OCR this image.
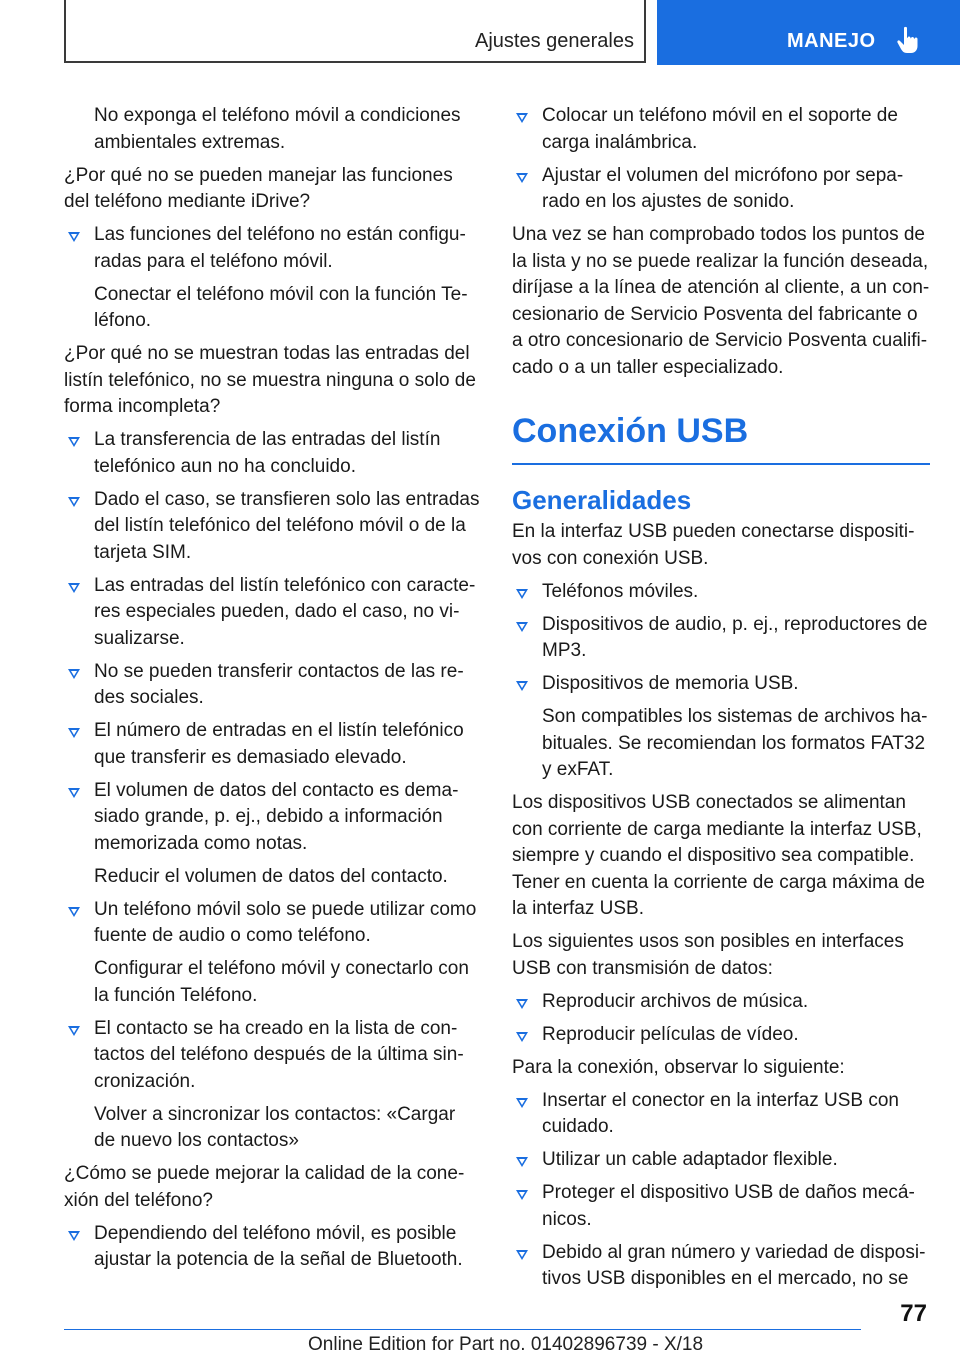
Ajustes generales	MANEJO
No exponga el teléfono móvil a condiciones ambientales extremas.
¿Por qué no se pueden manejar las funciones del teléfono mediante iDrive?
Las funciones del teléfono no están configuradas para el teléfono móvil.
Conectar el teléfono móvil con la función Teléfono.
¿Por qué no se muestran todas las entradas del listín telefónico, no se muestra ninguna o solo de forma incompleta?
La transferencia de las entradas del listín telefónico aun no ha concluido.
Dado el caso, se transfieren solo las entradas del listín telefónico del teléfono móvil o de la tarjeta SIM.
Las entradas del listín telefónico con caracteres especiales pueden, dado el caso, no visualizarse.
No se pueden transferir contactos de las redes sociales.
El número de entradas en el listín telefónico que transferir es demasiado elevado.
El volumen de datos del contacto es demasiado grande, p. ej., debido a información memorizada como notas.
Reducir el volumen de datos del contacto.
Un teléfono móvil solo se puede utilizar como fuente de audio o como teléfono.
Configurar el teléfono móvil y conectarlo con la función Teléfono.
El contacto se ha creado en la lista de contactos del teléfono después de la última sincronización.
Volver a sincronizar los contactos: «Cargar de nuevo los contactos»
¿Cómo se puede mejorar la calidad de la conexión del teléfono?
Dependiendo del teléfono móvil, es posible ajustar la potencia de la señal de Bluetooth.
Colocar un teléfono móvil en el soporte de carga inalámbrica.
Ajustar el volumen del micrófono por separado en los ajustes de sonido.
Una vez se han comprobado todos los puntos de la lista y no se puede realizar la función deseada, diríjase a la línea de atención al cliente, a un concesionario de Servicio Posventa del fabricante o a otro concesionario de Servicio Posventa cualificado o a un taller especializado.
Conexión USB
Generalidades
En la interfaz USB pueden conectarse dispositivos con conexión USB.
Teléfonos móviles.
Dispositivos de audio, p. ej., reproductores de MP3.
Dispositivos de memoria USB.
Son compatibles los sistemas de archivos habituales. Se recomiendan los formatos FAT32 y exFAT.
Los dispositivos USB conectados se alimentan con corriente de carga mediante la interfaz USB, siempre y cuando el dispositivo sea compatible. Tener en cuenta la corriente de carga máxima de la interfaz USB.
Los siguientes usos son posibles en interfaces USB con transmisión de datos:
Reproducir archivos de música.
Reproducir películas de vídeo.
Para la conexión, observar lo siguiente:
Insertar el conector en la interfaz USB con cuidado.
Utilizar un cable adaptador flexible.
Proteger el dispositivo USB de daños mecánicos.
Debido al gran número y variedad de dispositivos USB disponibles en el mercado, no se
77
Online Edition for Part no. 01402896739 - X/18
